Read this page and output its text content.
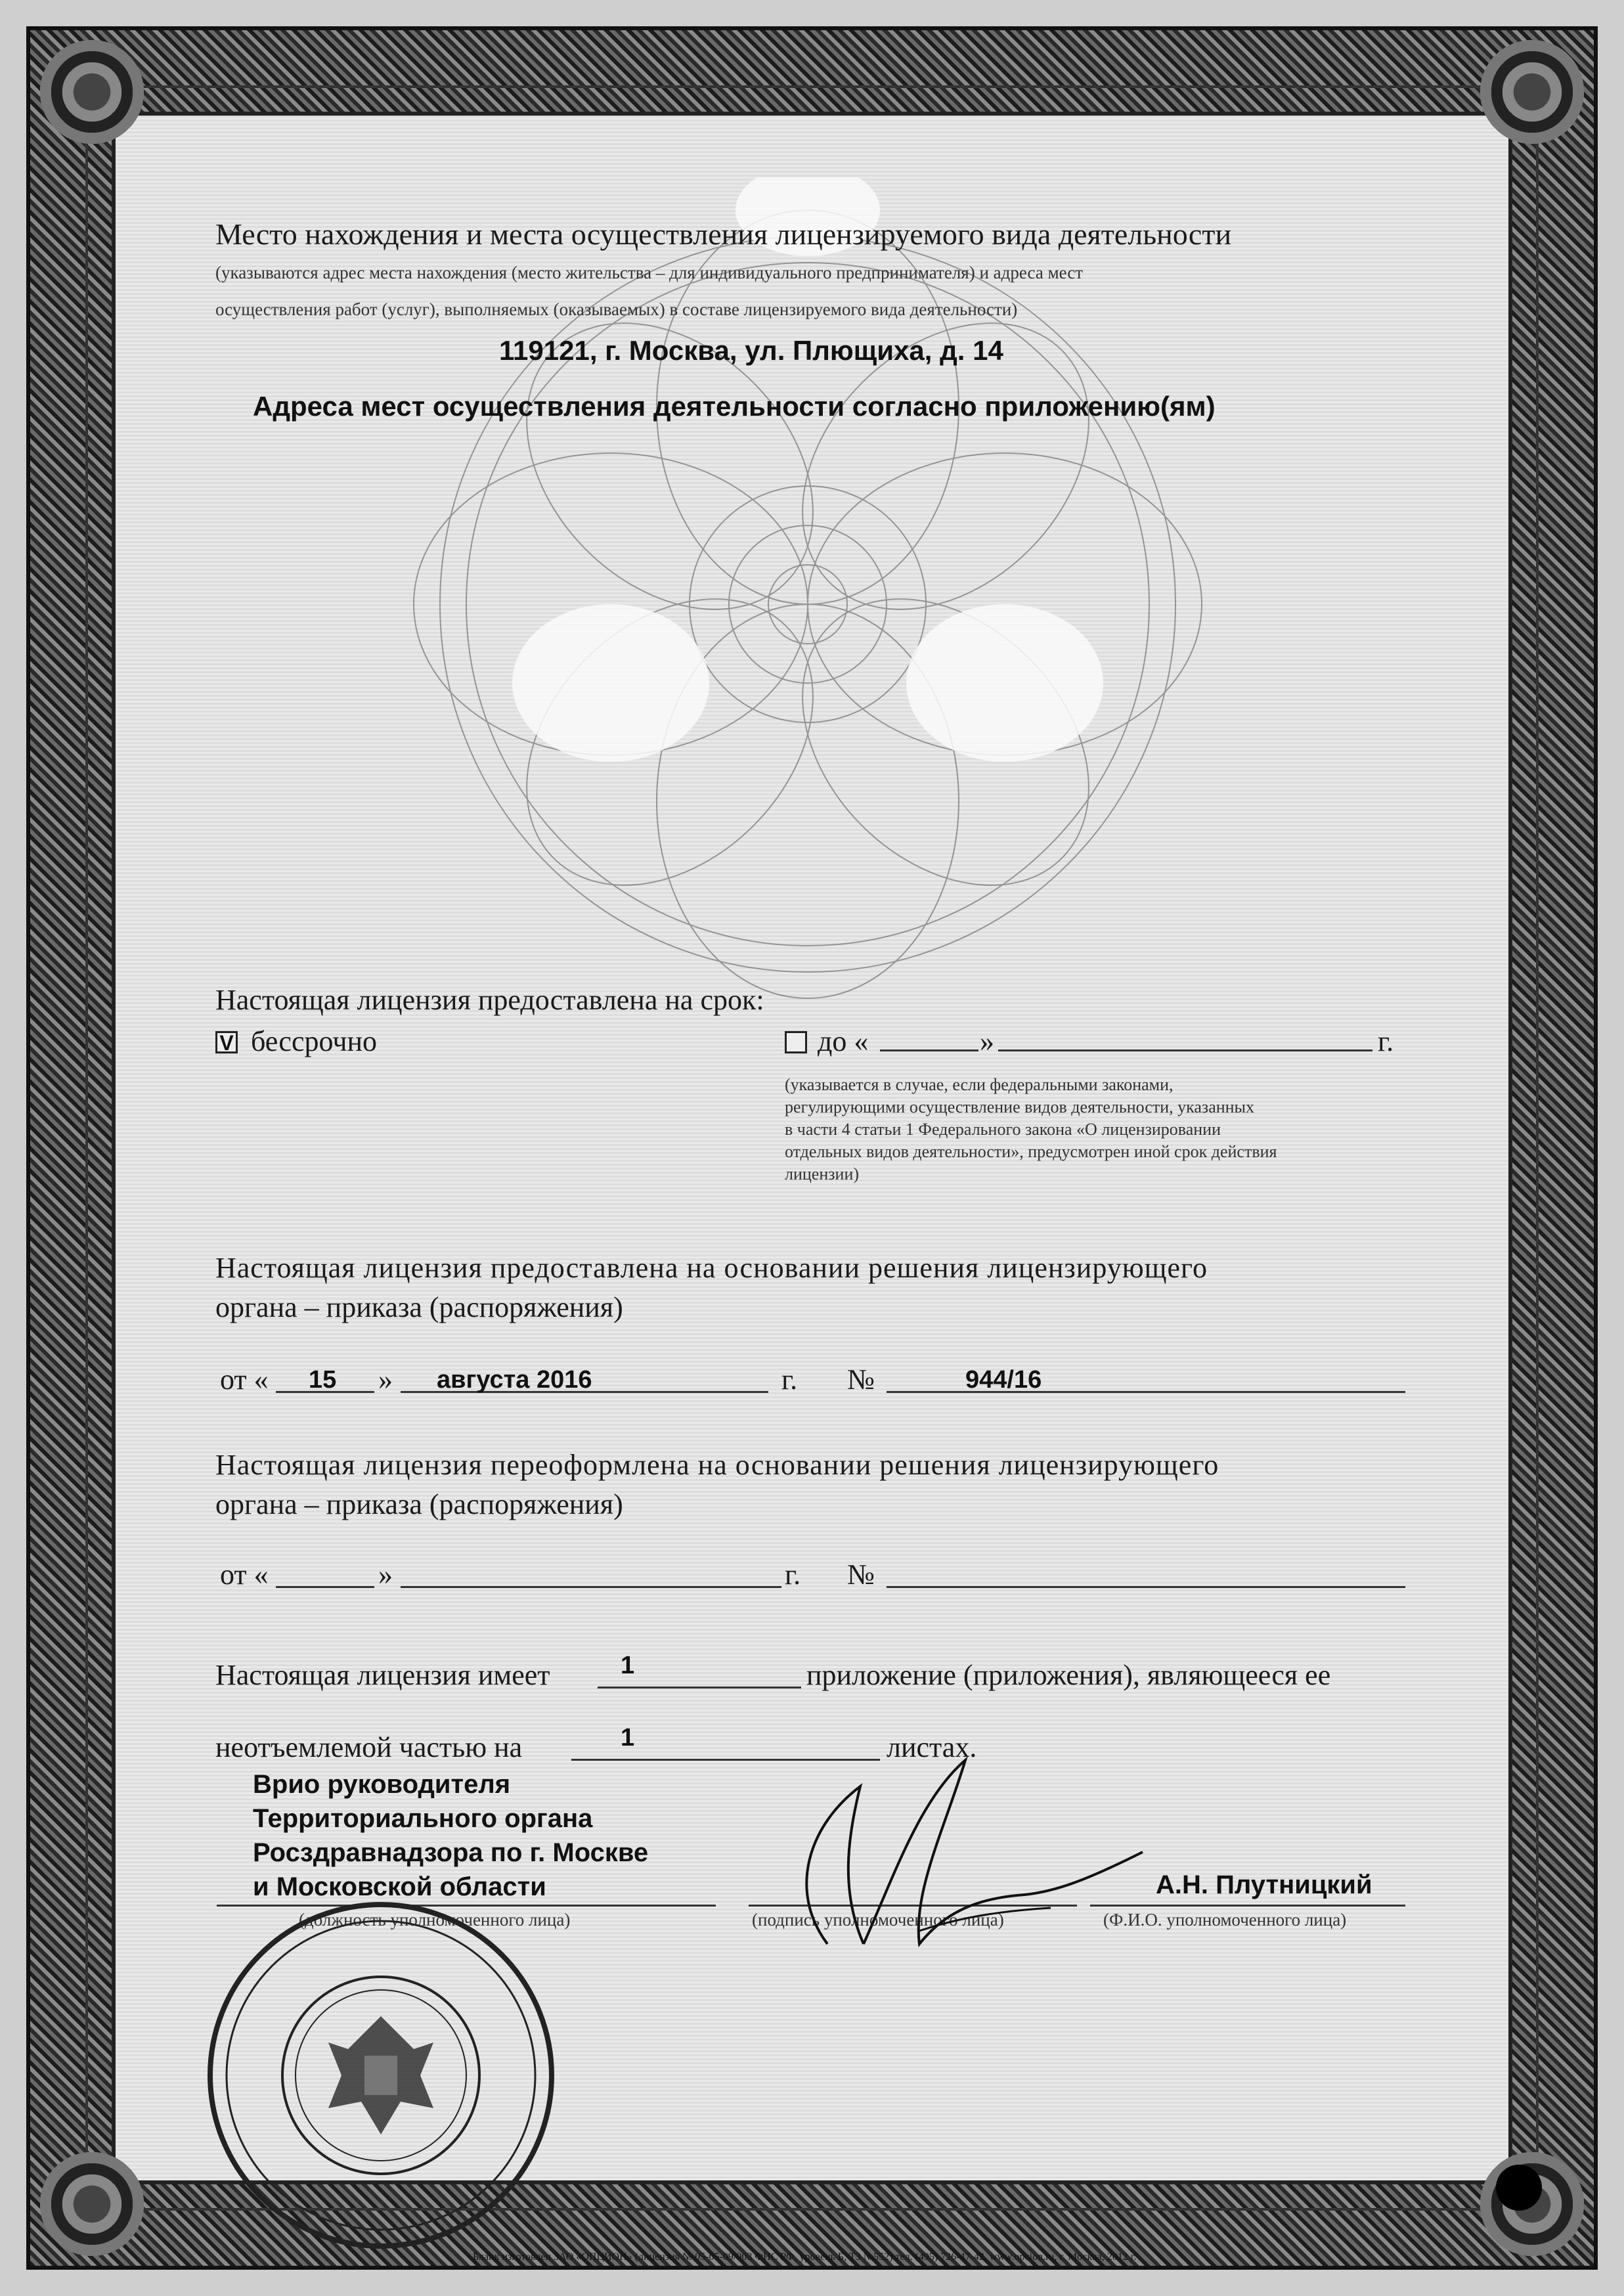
Место нахождения и места осуществления лицензируемого вида деятельности
(указываются адрес места нахождения (место жительства – для индивидуального предпринимателя) и адреса мест
осуществления работ (услуг), выполняемых (оказываемых) в составе лицензируемого вида деятельности)
119121, г. Москва, ул. Плющиха, д. 14
Адреса мест осуществления деятельности согласно приложению(ям)
Настоящая лицензия предоставлена на срок:
V бессрочно	до «	»	г.
(указывается в случае, если федеральными законами,
регулирующими осуществление видов деятельности, указанных
в части 4 статьи 1 Федерального закона «О лицензировании
отдельных видов деятельности», предусмотрен иной срок действия
лицензии)
Настоящая лицензия предоставлена на основании решения лицензирующего
органа – приказа (распоряжения)
от « 15 » августа 2016	г. №	944/16
Настоящая лицензия переоформлена на основании решения лицензирующего
органа – приказа (распоряжения)
от «	»	г. №
Настоящая лицензия имеет	1	приложение (приложения), являющееся ее
неотъемлемой частью на	1	листах.
Врио руководителя
Территориального органа
Росздравнадзора по г. Москве
и Московской области	А.Н. Плутницкий
(должность уполномоченного лица)	(подпись уполномоченного лица)	(Ф.И.О. уполномоченного лица)
Бланк изготовлен ЗАО «ОПЦИОН» (лицензия № 05-05-09/003 ФНС РФ, уровень Б, ТЗ №552) тел. (495) 726-47-42, www.opcion.ru, г. Москва, 2012 г.
